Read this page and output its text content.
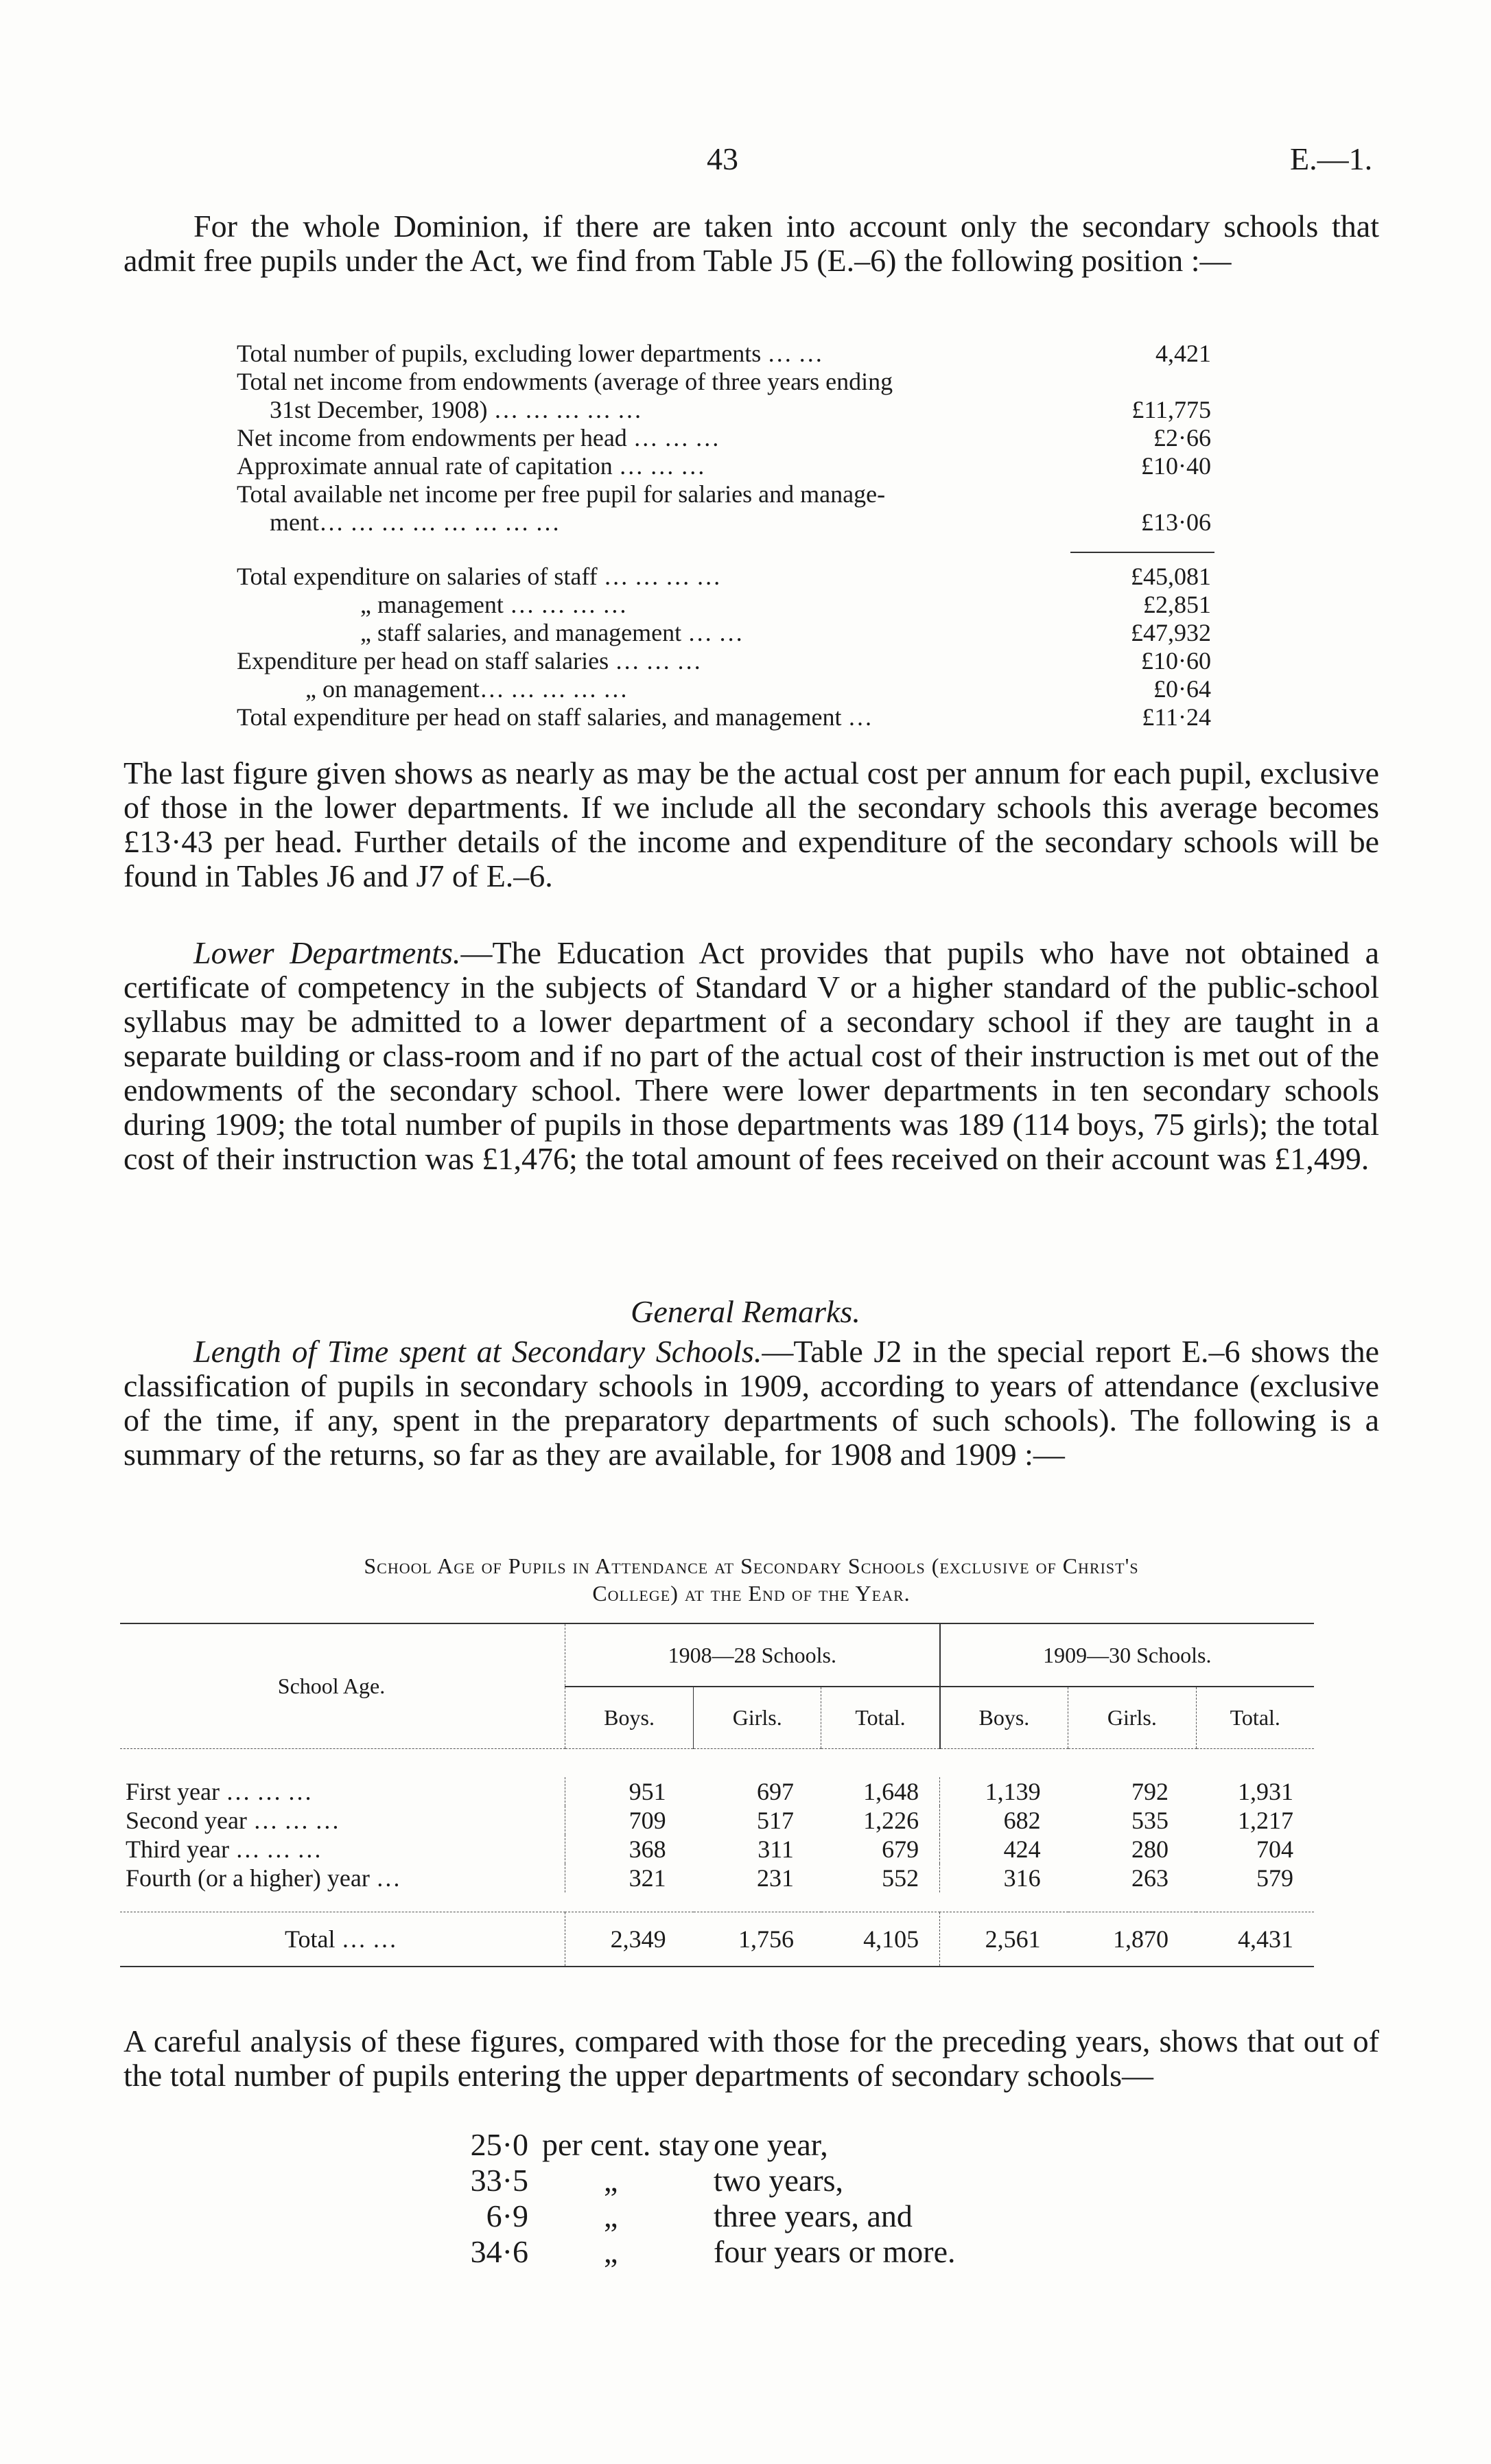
43	E.—1.

For the whole Dominion, if there are taken into account only the secondary schools that admit free pupils under the Act, we find from Table J5 (E.–6) the following position :—

Total number of pupils, excluding lower departments … …	4,421
Total net income from endowments (average of three years ending
31st December, 1908) … … … … …	£11,775
Net income from endowments per head … … …	£2·66
Approximate annual rate of capitation … … …	£10·40
Total available net income per free pupil for salaries and manage-
ment… … … … … … … …	£13·06
Total expenditure on salaries of staff … … … …	£45,081
„ management … … … …	£2,851
„ staff salaries, and management … …	£47,932
Expenditure per head on staff salaries … … …	£10·60
„ on management… … … … …	£0·64
Total expenditure per head on staff salaries, and management …	£11·24

The last figure given shows as nearly as may be the actual cost per annum for each pupil, exclusive of those in the lower departments. If we include all the secondary schools this average becomes £13·43 per head. Further details of the income and expenditure of the secondary schools will be found in Tables J6 and J7 of E.–6.

Lower Departments.—The Education Act provides that pupils who have not obtained a certificate of competency in the subjects of Standard V or a higher standard of the public-school syllabus may be admitted to a lower department of a secondary school if they are taught in a separate building or class-room and if no part of the actual cost of their instruction is met out of the endowments of the secondary school. There were lower departments in ten secondary schools during 1909; the total number of pupils in those departments was 189 (114 boys, 75 girls); the total cost of their instruction was £1,476; the total amount of fees received on their account was £1,499.

General Remarks.

Length of Time spent at Secondary Schools.—Table J2 in the special report E.–6 shows the classification of pupils in secondary schools in 1909, according to years of attendance (exclusive of the time, if any, spent in the preparatory departments of such schools). The following is a summary of the returns, so far as they are available, for 1908 and 1909 :—

School Age of Pupils in Attendance at Secondary Schools (exclusive of Christ's
College) at the End of the Year.
School Age.	1908—28 Schools.			1909—30 Schools.		
	Boys.	Girls.	Total.	Boys.	Girls.	Total.

First year … … …	951	697	1,648	1,139	792	1,931
Second year … … …	709	517	1,226	682	535	1,217
Third year … … …	368	311	679	424	280	704
Fourth (or a higher) year …	321	231	552	316	263	579

Total … …	2,349	1,756	4,105	2,561	1,870	4,431

A careful analysis of these figures, compared with those for the preceding years, shows that out of the total number of pupils entering the upper departments of secondary schools—

25·0 per cent. stay one year,
33·5	„	two years,
6·9	„	three years, and
34·6	„	four years or more.
